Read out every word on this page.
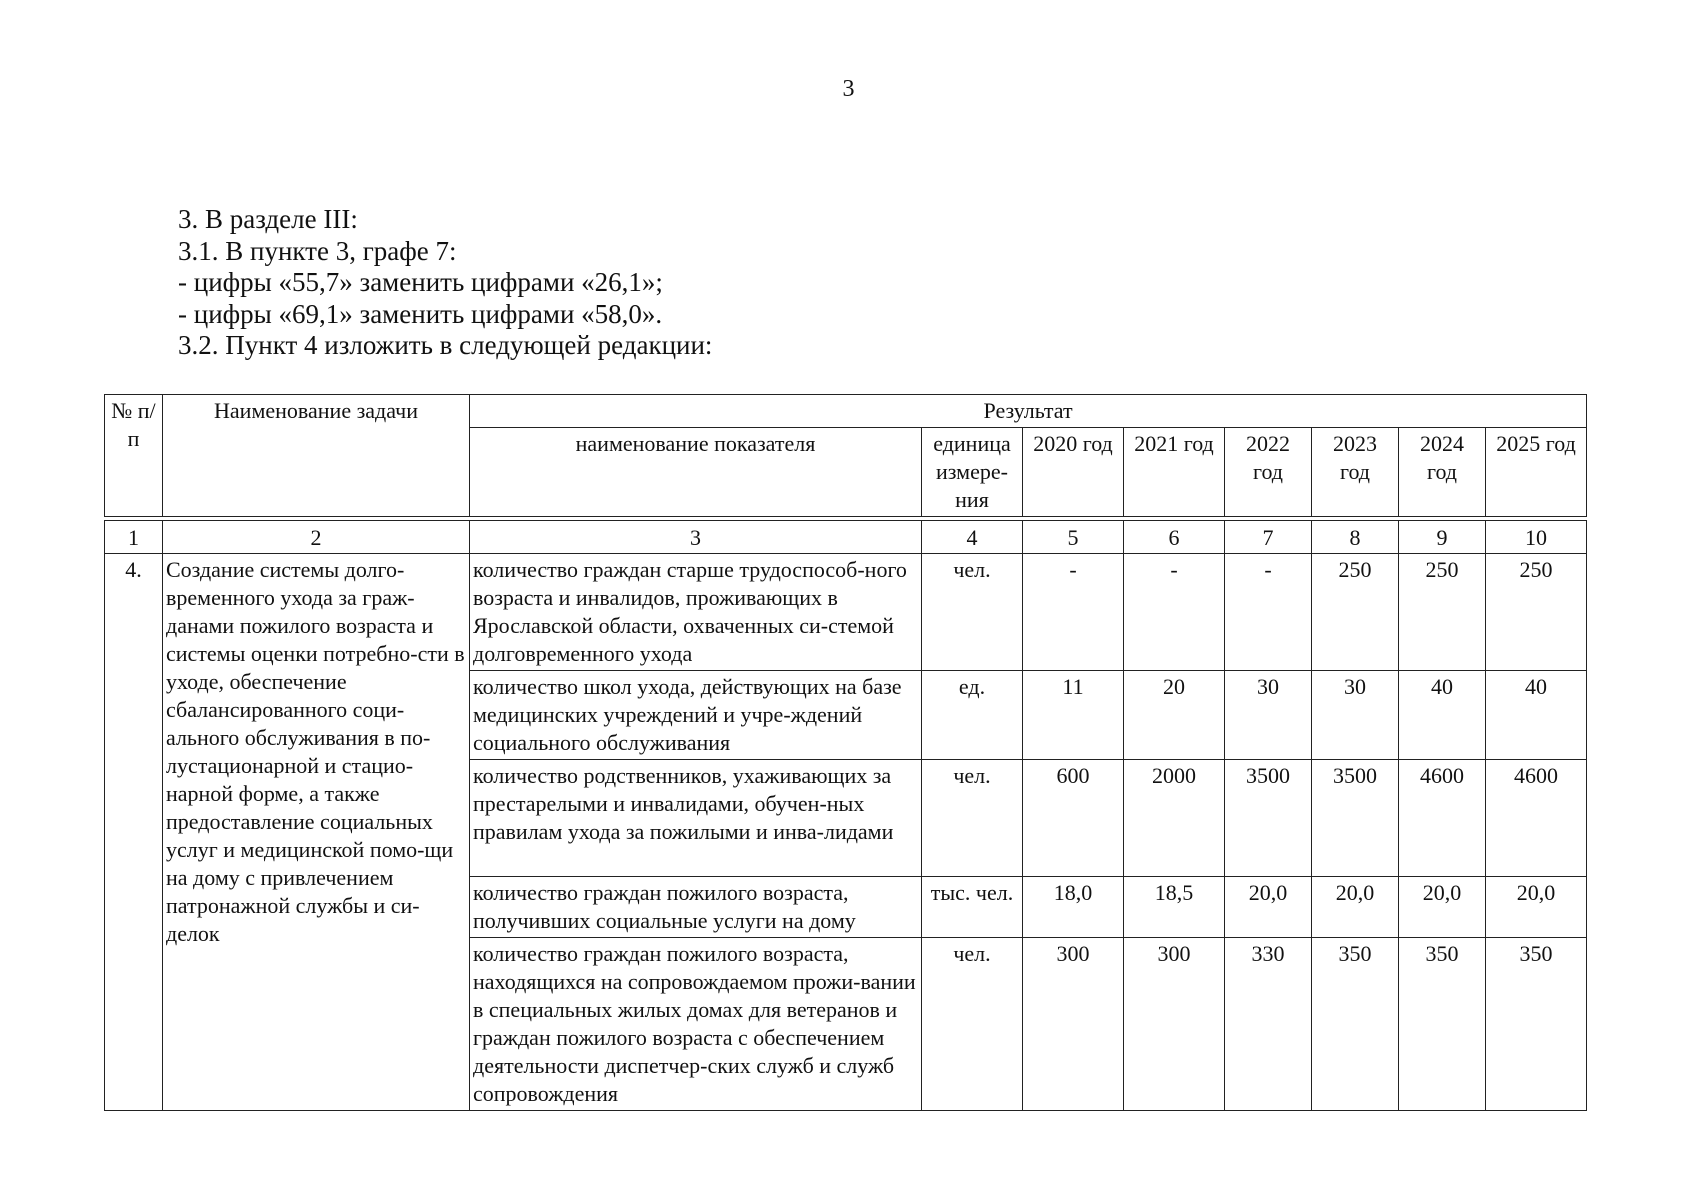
3
3. В разделе III:
3.1. В пункте 3, графе 7:
- цифры «55,7» заменить цифрами «26,1»;
- цифры «69,1» заменить цифрами «58,0».
3.2. Пункт 4 изложить в следующей редакции:
№ п/п	Наименование задачи	Результат							
		наименование показателя	единица измере-ния	2020 год	2021 год	2022 год	2023 год	2024 год	2025 год

1	2	3	4	5	6	7	8	9	10
4.	Создание системы долго-временного ухода за граж-данами пожилого возраста и системы оценки потребно-сти в уходе, обеспечение сбалансированного соци-ального обслуживания в по-лустационарной и стацио-нарной форме, а также предоставление социальных услуг и медицинской помо-щи на дому с привлечением патронажной службы и си-делок	количество граждан старше трудоспособ-ного возраста и инвалидов, проживающих в Ярославской области, охваченных си-стемой долговременного ухода	чел.	-	-	-	250	250	250
		количество школ ухода, действующих на базе медицинских учреждений и учре-ждений социального обслуживания	ед.	11	20	30	30	40	40
		количество родственников, ухаживающих за престарелыми и инвалидами, обучен-ных правилам ухода за пожилыми и инва-лидами	чел.	600	2000	3500	3500	4600	4600
		количество граждан пожилого возраста, получивших социальные услуги на дому	тыс. чел.	18,0	18,5	20,0	20,0	20,0	20,0
		количество граждан пожилого возраста, находящихся на сопровождаемом прожи-вании в специальных жилых домах для ветеранов и граждан пожилого возраста с обеспечением деятельности диспетчер-ских служб и служб сопровождения	чел.	300	300	330	350	350	350
